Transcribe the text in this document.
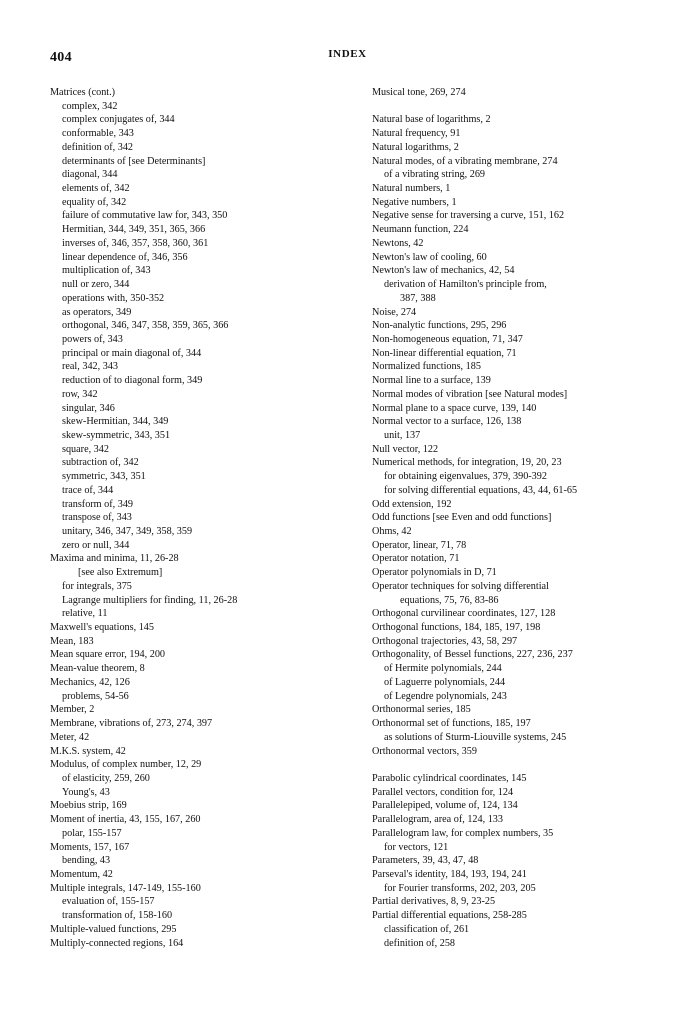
404	INDEX
Matrices (cont.)
complex, 342
complex conjugates of, 344
conformable, 343
definition of, 342
determinants of [see Determinants]
diagonal, 344
elements of, 342
equality of, 342
failure of commutative law for, 343, 350
Hermitian, 344, 349, 351, 365, 366
inverses of, 346, 357, 358, 360, 361
linear dependence of, 346, 356
multiplication of, 343
null or zero, 344
operations with, 350-352
as operators, 349
orthogonal, 346, 347, 358, 359, 365, 366
powers of, 343
principal or main diagonal of, 344
real, 342, 343
reduction of to diagonal form, 349
row, 342
singular, 346
skew-Hermitian, 344, 349
skew-symmetric, 343, 351
square, 342
subtraction of, 342
symmetric, 343, 351
trace of, 344
transform of, 349
transpose of, 343
unitary, 346, 347, 349, 358, 359
zero or null, 344
Maxima and minima, 11, 26-28
[see also Extremum]
for integrals, 375
Lagrange multipliers for finding, 11, 26-28
relative, 11
Maxwell's equations, 145
Mean, 183
Mean square error, 194, 200
Mean-value theorem, 8
Mechanics, 42, 126
problems, 54-56
Member, 2
Membrane, vibrations of, 273, 274, 397
Meter, 42
M.K.S. system, 42
Modulus, of complex number, 12, 29
of elasticity, 259, 260
Young's, 43
Moebius strip, 169
Moment of inertia, 43, 155, 167, 260
polar, 155-157
Moments, 157, 167
bending, 43
Momentum, 42
Multiple integrals, 147-149, 155-160
evaluation of, 155-157
transformation of, 158-160
Multiple-valued functions, 295
Multiply-connected regions, 164
Musical tone, 269, 274
Natural base of logarithms, 2
Natural frequency, 91
Natural logarithms, 2
Natural modes, of a vibrating membrane, 274
of a vibrating string, 269
Natural numbers, 1
Negative numbers, 1
Negative sense for traversing a curve, 151, 162
Neumann function, 224
Newtons, 42
Newton's law of cooling, 60
Newton's law of mechanics, 42, 54
derivation of Hamilton's principle from,
387, 388
Noise, 274
Non-analytic functions, 295, 296
Non-homogeneous equation, 71, 347
Non-linear differential equation, 71
Normalized functions, 185
Normal line to a surface, 139
Normal modes of vibration [see Natural modes]
Normal plane to a space curve, 139, 140
Normal vector to a surface, 126, 138
unit, 137
Null vector, 122
Numerical methods, for integration, 19, 20, 23
for obtaining eigenvalues, 379, 390-392
for solving differential equations, 43, 44, 61-65
Odd extension, 192
Odd functions [see Even and odd functions]
Ohms, 42
Operator, linear, 71, 78
Operator notation, 71
Operator polynomials in D, 71
Operator techniques for solving differential
equations, 75, 76, 83-86
Orthogonal curvilinear coordinates, 127, 128
Orthogonal functions, 184, 185, 197, 198
Orthogonal trajectories, 43, 58, 297
Orthogonality, of Bessel functions, 227, 236, 237
of Hermite polynomials, 244
of Laguerre polynomials, 244
of Legendre polynomials, 243
Orthonormal series, 185
Orthonormal set of functions, 185, 197
as solutions of Sturm-Liouville systems, 245
Orthonormal vectors, 359
Parabolic cylindrical coordinates, 145
Parallel vectors, condition for, 124
Parallelepiped, volume of, 124, 134
Parallelogram, area of, 124, 133
Parallelogram law, for complex numbers, 35
for vectors, 121
Parameters, 39, 43, 47, 48
Parseval's identity, 184, 193, 194, 241
for Fourier transforms, 202, 203, 205
Partial derivatives, 8, 9, 23-25
Partial differential equations, 258-285
classification of, 261
definition of, 258
